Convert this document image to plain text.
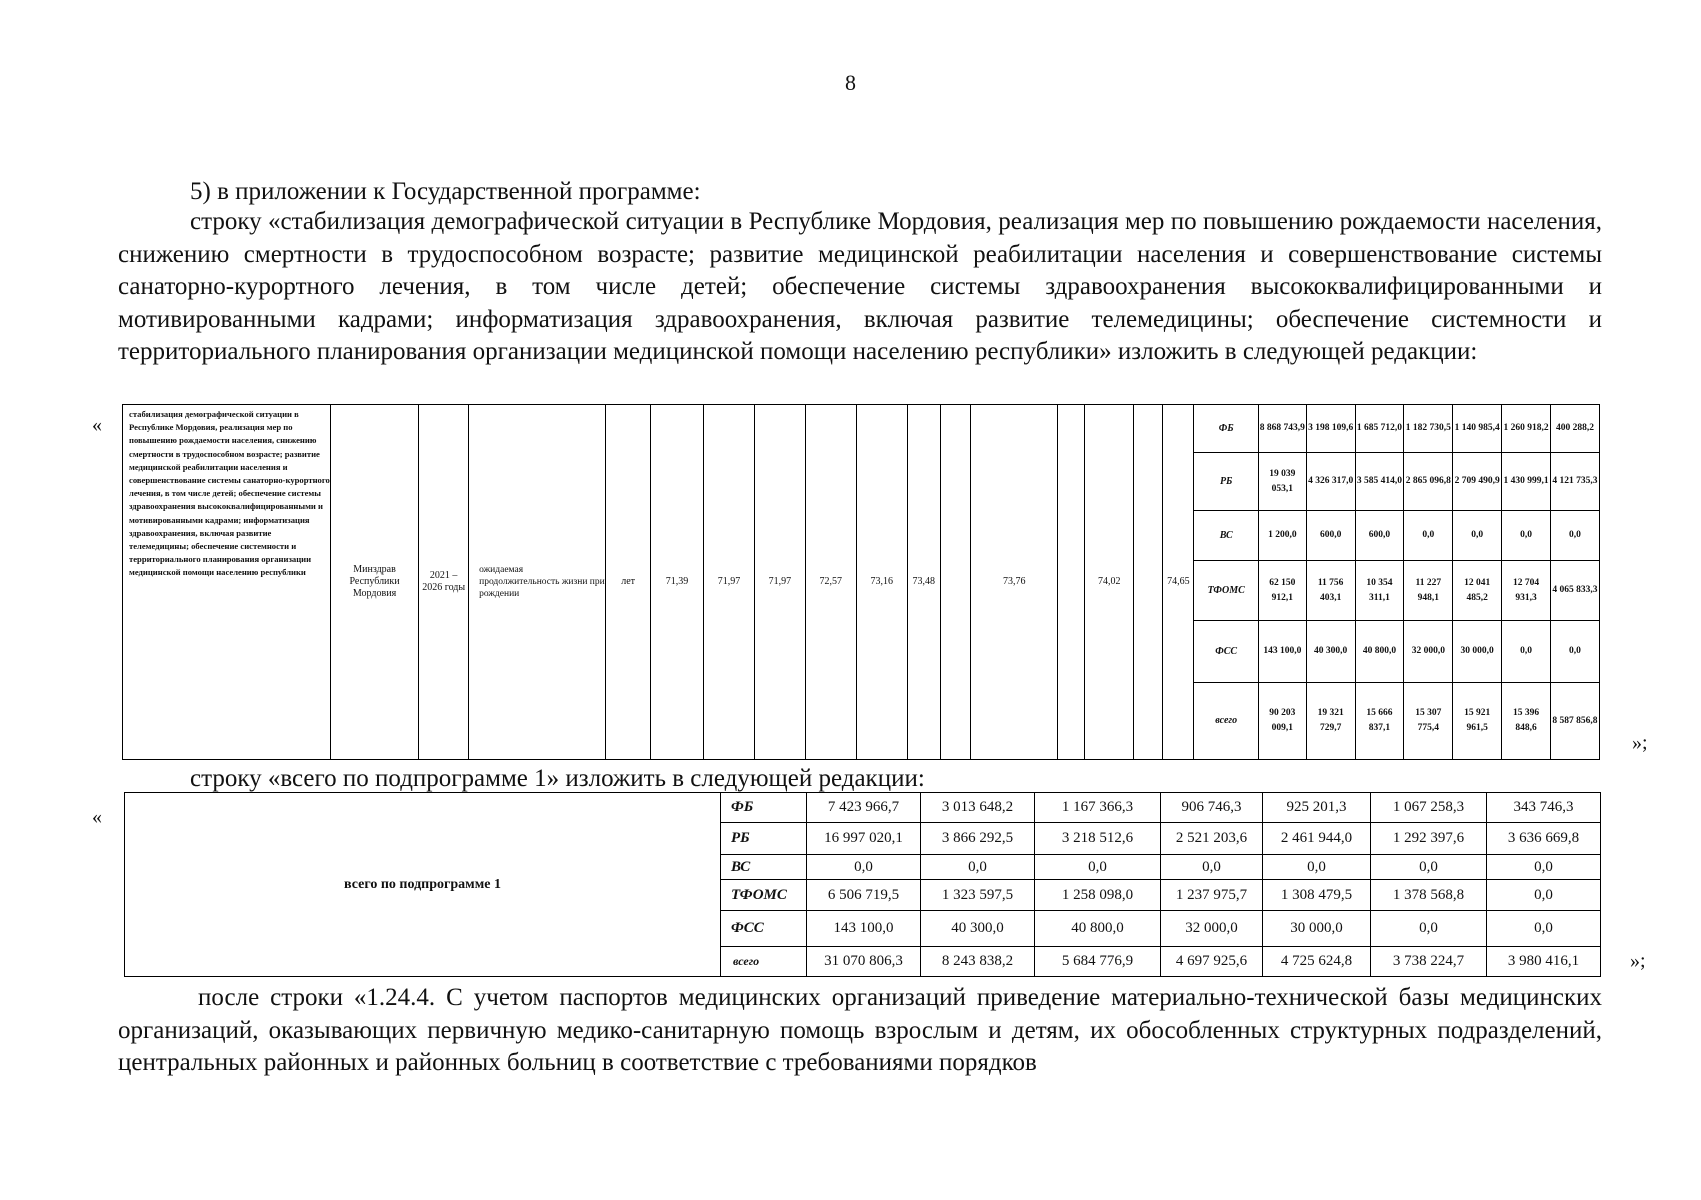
8
5) в приложении к Государственной программе:
строку «стабилизация демографической ситуации в Республике Мордовия, реализация мер по повышению рождаемости населения, снижению смертности в трудоспособном возрасте; развитие медицинской реабилитации населения и совершенствование системы санаторно-курортного лечения, в том числе детей; обеспечение системы здравоохранения высококвалифицированными и мотивированными кадрами; информатизация здравоохранения, включая развитие телемедицины; обеспечение системности и территориального планирования организации медицинской помощи населению республики» изложить в следующей редакции:
«	стабилизация демографической ситуации в Республике Мордовия, реализация мер по повышению рождаемости населения, снижению смертности в трудоспособном возрасте; развитие медицинской реабилитации населения и совершенствование системы санаторно-курортного лечения, в том числе детей; обеспечение системы здравоохранения высококвалифицированными и мотивированными кадрами; информатизация здравоохранения, включая развитие телемедицины; обеспечение системности и территориального планирования организации медицинской помощи населению республики	Минздрав Республики Мордовия	2021 – 2026 годы	ожидаемая продолжительность жизни при рождении	лет	71,39	71,97	71,97	72,57	73,16	73,48		73,76		74,02		74,65	ФБ	8 868 743,9	3 198 109,6	1 685 712,0	1 182 730,5	1 140 985,4	1 260 918,2	400 288,2
																	РБ	19 039 053,1	4 326 317,0	3 585 414,0	2 865 096,8	2 709 490,9	1 430 999,1	4 121 735,3
																	ВС	1 200,0	600,0	600,0	0,0	0,0	0,0	0,0
																	ТФОМС	62 150 912,1	11 756 403,1	10 354 311,1	11 227 948,1	12 041 485,2	12 704 931,3	4 065 833,3
																	ФСС	143 100,0	40 300,0	40 800,0	32 000,0	30 000,0	0,0	0,0
																	всего	90 203 009,1	19 321 729,7	15 666 837,1	15 307 775,4	15 921 961,5	15 396 848,6	8 587 856,8
»;
строку «всего по подпрограмме 1» изложить в следующей редакции:
«
всего по подпрограмме 1	ФБ	7 423 966,7	3 013 648,2	1 167 366,3	906 746,3	925 201,3	1 067 258,3	343 746,3
	РБ	16 997 020,1	3 866 292,5	3 218 512,6	2 521 203,6	2 461 944,0	1 292 397,6	3 636 669,8
	ВС	0,0	0,0	0,0	0,0	0,0	0,0	0,0
	ТФОМС	6 506 719,5	1 323 597,5	1 258 098,0	1 237 975,7	1 308 479,5	1 378 568,8	0,0
	ФСС	143 100,0	40 300,0	40 800,0	32 000,0	30 000,0	0,0	0,0
	всего	31 070 806,3	8 243 838,2	5 684 776,9	4 697 925,6	4 725 624,8	3 738 224,7	3 980 416,1	»;
после строки «1.24.4. С учетом паспортов медицинских организаций приведение материально-технической базы медицинских организаций, оказывающих первичную медико-санитарную помощь взрослым и детям, их обособленных структурных подразделений, центральных районных и районных больниц в соответствие с требованиями порядков
